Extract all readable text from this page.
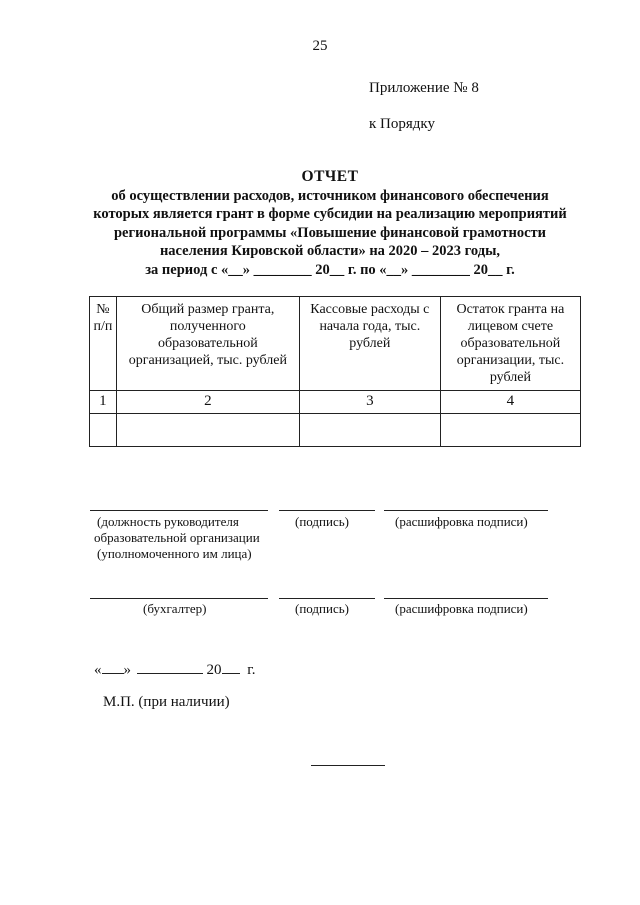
25
Приложение № 8
к Порядку
ОТЧЕТ
об осуществлении расходов, источником финансового обеспечения
которых является грант в форме субсидии на реализацию мероприятий
региональной программы «Повышение финансовой грамотности
населения Кировской области» на 2020 – 2023 годы,
за период с «__» ________ 20__ г. по «__» ________ 20__ г.
№ п/п	Общий размер гранта, полученного образовательной организацией, тыс. рублей	Кассовые расходы с начала года, тыс. рублей	Остаток гранта на лицевом счете образовательной организации, тыс. рублей
1	2	3	4

(должность руководителя
образовательной организации
(уполномоченного им лица)
(подпись)	(расшифровка подписи)
(бухгалтер)	(подпись)	(расшифровка подписи)
« »	20 г.
М.П. (при наличии)
